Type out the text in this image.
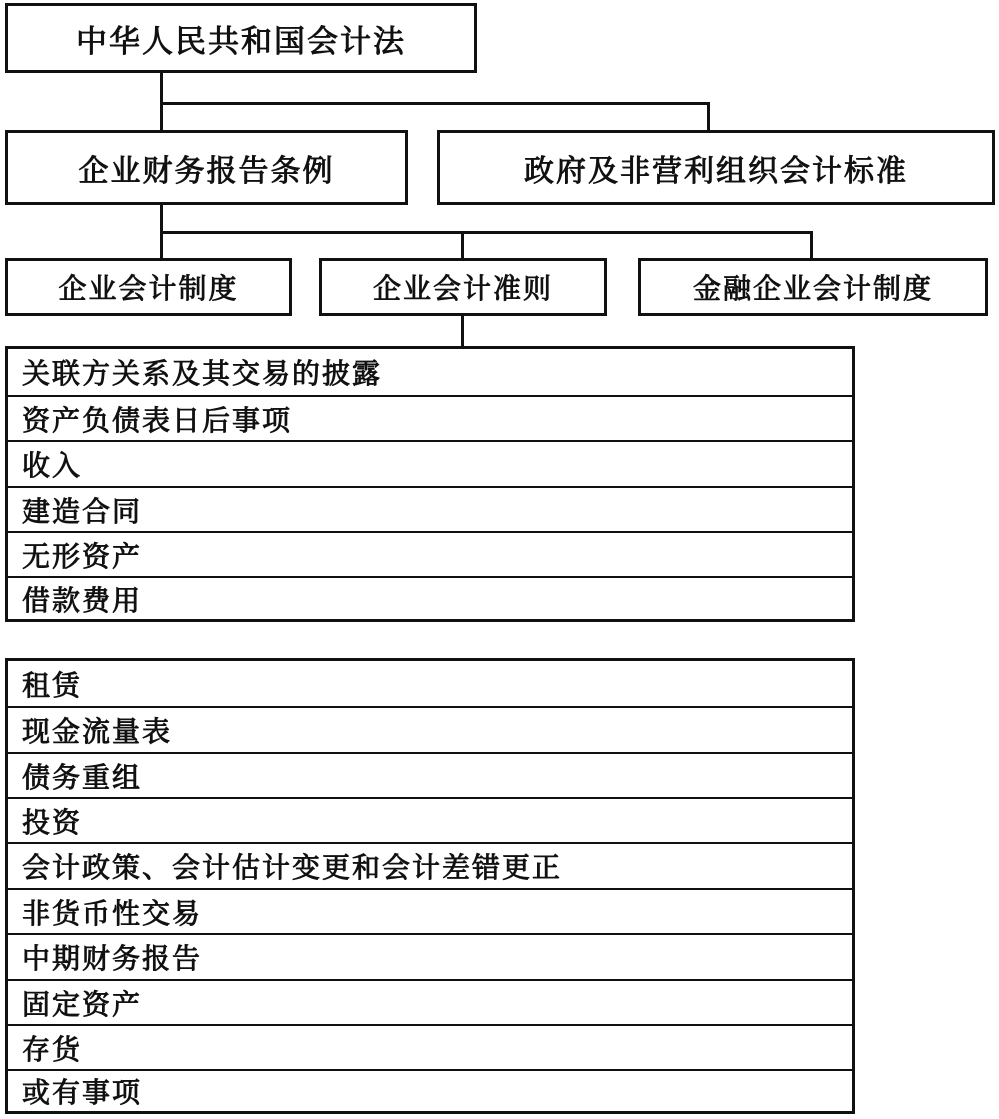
中华人民共和国会计法
企业财务报告条例	政府及非营利组织会计标准
企业会计制度	企业会计准则	金融企业会计制度
关联方关系及其交易的披露
资产负债表日后事项
收入
建造合同
无形资产
借款费用
租赁
现金流量表
债务重组
投资
会计政策、会计估计变更和会计差错更正
非货币性交易
中期财务报告
固定资产
存货
或有事项
